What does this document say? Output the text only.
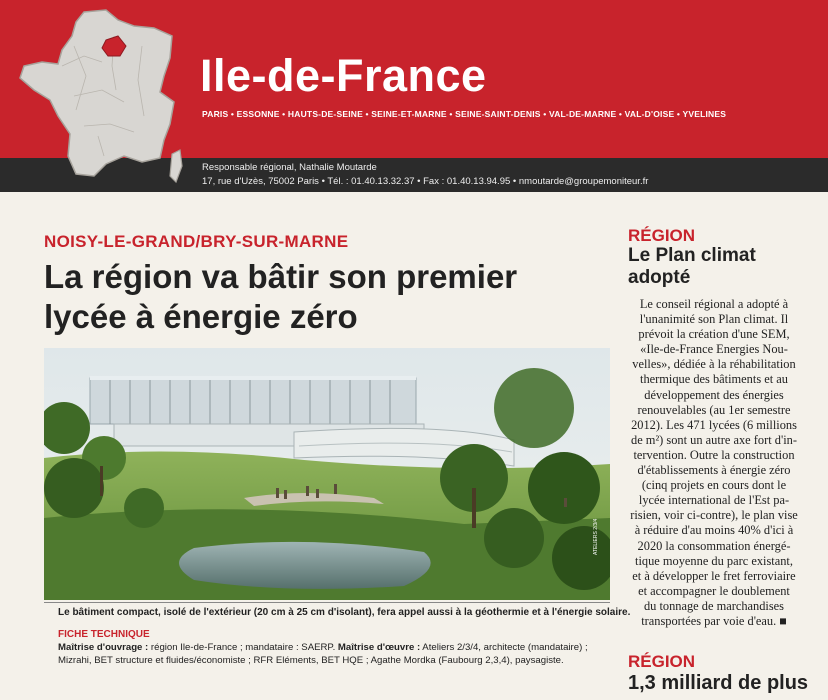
Ile-de-France
PARIS • ESSONNE • HAUTS-DE-SEINE • SEINE-ET-MARNE • SEINE-SAINT-DENIS • VAL-DE-MARNE • VAL-D'OISE • YVELINES
Responsable régional, Nathalie Moutarde
17, rue d'Uzès, 75002 Paris • Tél. : 01.40.13.32.37 • Fax : 01.40.13.94.95 • nmoutarde@groupemoniteur.fr
NOISY-LE-GRAND/BRY-SUR-MARNE
La région va bâtir son premier
lycée à énergie zéro
ATELIERS 2/3/4
Le bâtiment compact, isolé de l'extérieur (20 cm à 25 cm d'isolant), fera appel aussi à la géothermie et à l'énergie solaire.
FICHE TECHNIQUE
Maîtrise d'ouvrage : région Ile-de-France ; mandataire : SAERP. Maîtrise d'œuvre : Ateliers 2/3/4, architecte (mandataire) ;
Mizrahi, BET structure et fluides/économiste ; RFR Eléments, BET HQE ; Agathe Mordka (Faubourg 2,3,4), paysagiste.
RÉGION
Le Plan climat
adopté
Le conseil régional a adopté à
l'unanimité son Plan climat. Il
prévoit la création d'une SEM,
«Ile-de-France Energies Nou-
velles», dédiée à la réhabilitation
thermique des bâtiments et au
développement des énergies
renouvelables (au 1er semestre
2012). Les 471 lycées (6 millions
de m²) sont un autre axe fort d'in-
tervention. Outre la construction
d'établissements à énergie zéro
(cinq projets en cours dont le
lycée international de l'Est pa-
risien, voir ci-contre), le plan vise
à réduire d'au moins 40% d'ici à
2020 la consommation énergé-
tique moyenne du parc existant,
et à développer le fret ferroviaire
et accompagner le doublement
du tonnage de marchandises
transportées par voie d'eau. ■
RÉGION
1,3 milliard de plus
